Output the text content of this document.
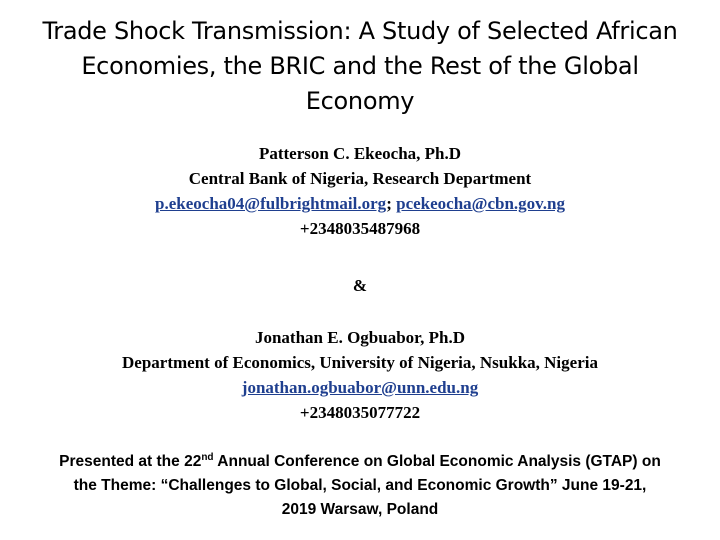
Trade Shock Transmission: A Study of Selected African
Economies, the BRIC and the Rest of the Global
Economy
Patterson C. Ekeocha, Ph.D
Central Bank of Nigeria, Research Department
p.ekeocha04@fulbrightmail.org; pcekeocha@cbn.gov.ng
+2348035487968
&
Jonathan E. Ogbuabor, Ph.D
Department of Economics, University of Nigeria, Nsukka, Nigeria
jonathan.ogbuabor@unn.edu.ng
+2348035077722
Presented at the 22nd Annual Conference on Global Economic Analysis (GTAP) on
the Theme: “Challenges to Global, Social, and Economic Growth” June 19-21,
2019 Warsaw, Poland
